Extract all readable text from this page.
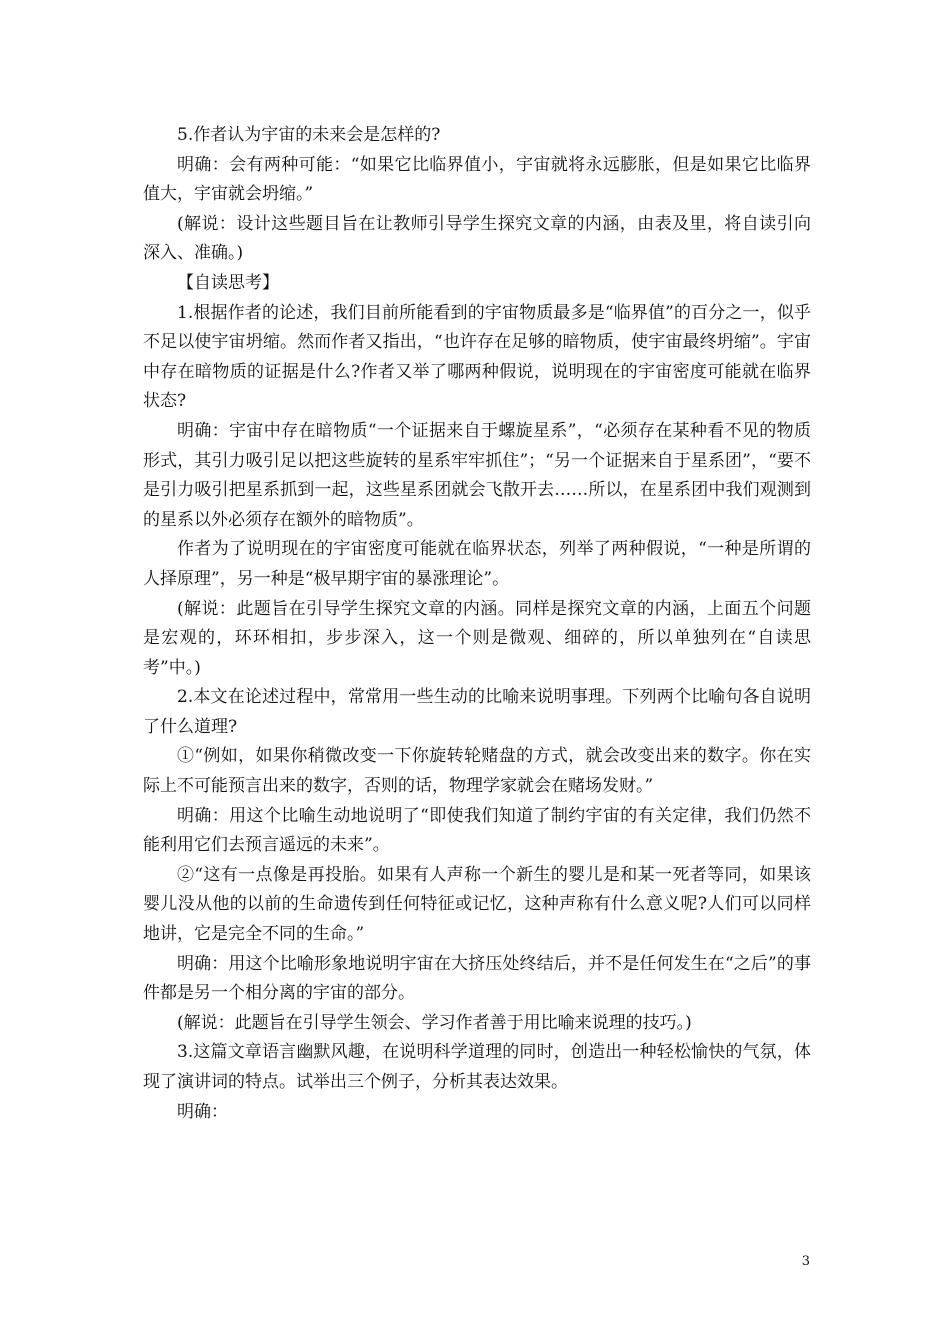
5.作者认为宇宙的未来会是怎样的?

明确：会有两种可能：“如果它比临界值小，宇宙就将永远膨胀，但是如果它比临界值大，宇宙就会坍缩。”

(解说：设计这些题目旨在让教师引导学生探究文章的内涵，由表及里，将自读引向深入、准确。)

【自读思考】

1.根据作者的论述，我们目前所能看到的宇宙物质最多是“临界值”的百分之一，似乎不足以使宇宙坍缩。然而作者又指出，“也许存在足够的暗物质，使宇宙最终坍缩”。宇宙中存在暗物质的证据是什么?作者又举了哪两种假说，说明现在的宇宙密度可能就在临界状态?

明确：宇宙中存在暗物质“一个证据来自于螺旋星系”，“必须存在某种看不见的物质形式，其引力吸引足以把这些旋转的星系牢牢抓住”；“另一个证据来自于星系团”，“要不是引力吸引把星系抓到一起，这些星系团就会飞散开去……所以，在星系团中我们观测到的星系以外必须存在额外的暗物质”。

作者为了说明现在的宇宙密度可能就在临界状态，列举了两种假说，“一种是所谓的人择原理”，另一种是“极早期宇宙的暴涨理论”。

(解说：此题旨在引导学生探究文章的内涵。同样是探究文章的内涵，上面五个问题是宏观的，环环相扣，步步深入，这一个则是微观、细碎的，所以单独列在“自读思考”中。)

2.本文在论述过程中，常常用一些生动的比喻来说明事理。下列两个比喻句各自说明了什么道理?

①“例如，如果你稍微改变一下你旋转轮赌盘的方式，就会改变出来的数字。你在实际上不可能预言出来的数字，否则的话，物理学家就会在赌场发财。”

明确：用这个比喻生动地说明了“即使我们知道了制约宇宙的有关定律，我们仍然不能利用它们去预言遥远的未来”。

②“这有一点像是再投胎。如果有人声称一个新生的婴儿是和某一死者等同，如果该婴儿没从他的以前的生命遗传到任何特征或记忆，这种声称有什么意义呢?人们可以同样地讲，它是完全不同的生命。”

明确：用这个比喻形象地说明宇宙在大挤压处终结后，并不是任何发生在“之后”的事件都是另一个相分离的宇宙的部分。

(解说：此题旨在引导学生领会、学习作者善于用比喻来说理的技巧。)

3.这篇文章语言幽默风趣，在说明科学道理的同时，创造出一种轻松愉快的气氛，体现了演讲词的特点。试举出三个例子，分析其表达效果。

明确：

3
